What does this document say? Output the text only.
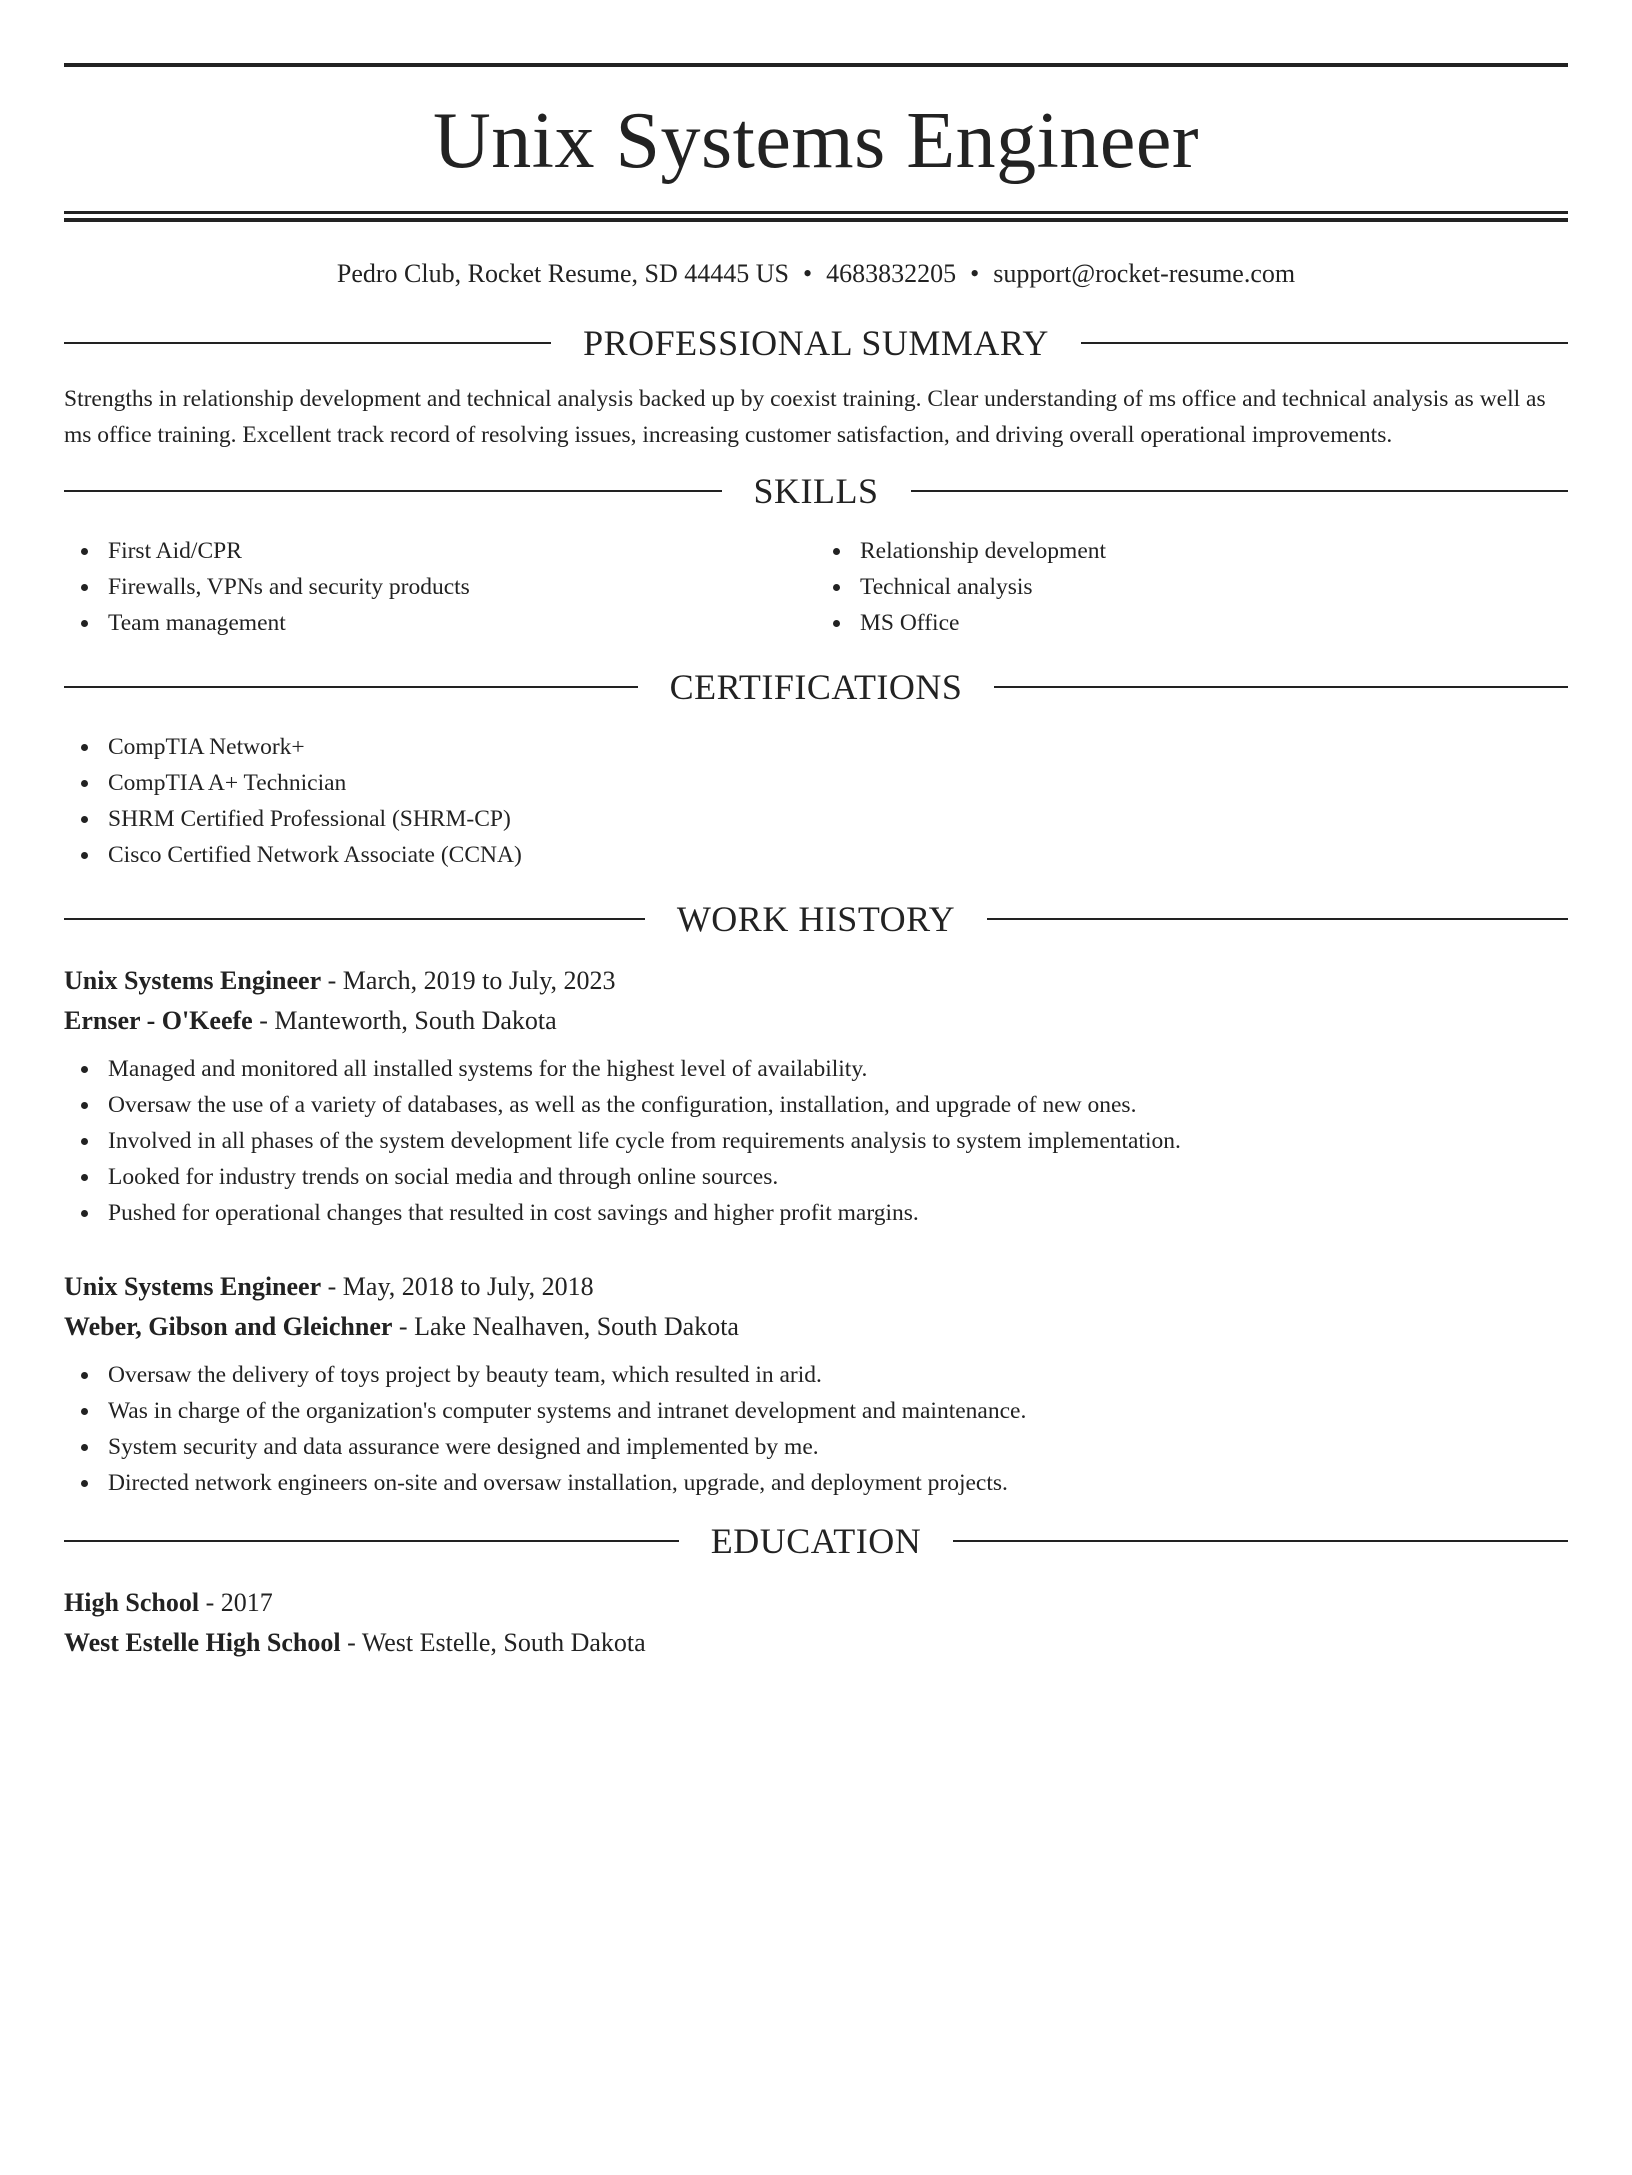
Unix Systems Engineer
Pedro Club, Rocket Resume, SD 44445 US • 4683832205 • support@rocket-resume.com
PROFESSIONAL SUMMARY
Strengths in relationship development and technical analysis backed up by coexist training. Clear understanding of ms office and technical analysis as well as ms office training. Excellent track record of resolving issues, increasing customer satisfaction, and driving overall operational improvements.
SKILLS
First Aid/CPR
Firewalls, VPNs and security products
Team management
Relationship development
Technical analysis
MS Office
CERTIFICATIONS
CompTIA Network+
CompTIA A+ Technician
SHRM Certified Professional (SHRM-CP)
Cisco Certified Network Associate (CCNA)
WORK HISTORY
Unix Systems Engineer - March, 2019 to July, 2023
Ernser - O'Keefe - Manteworth, South Dakota
Managed and monitored all installed systems for the highest level of availability.
Oversaw the use of a variety of databases, as well as the configuration, installation, and upgrade of new ones.
Involved in all phases of the system development life cycle from requirements analysis to system implementation.
Looked for industry trends on social media and through online sources.
Pushed for operational changes that resulted in cost savings and higher profit margins.
Unix Systems Engineer - May, 2018 to July, 2018
Weber, Gibson and Gleichner - Lake Nealhaven, South Dakota
Oversaw the delivery of toys project by beauty team, which resulted in arid.
Was in charge of the organization's computer systems and intranet development and maintenance.
System security and data assurance were designed and implemented by me.
Directed network engineers on-site and oversaw installation, upgrade, and deployment projects.
EDUCATION
High School - 2017
West Estelle High School - West Estelle, South Dakota
